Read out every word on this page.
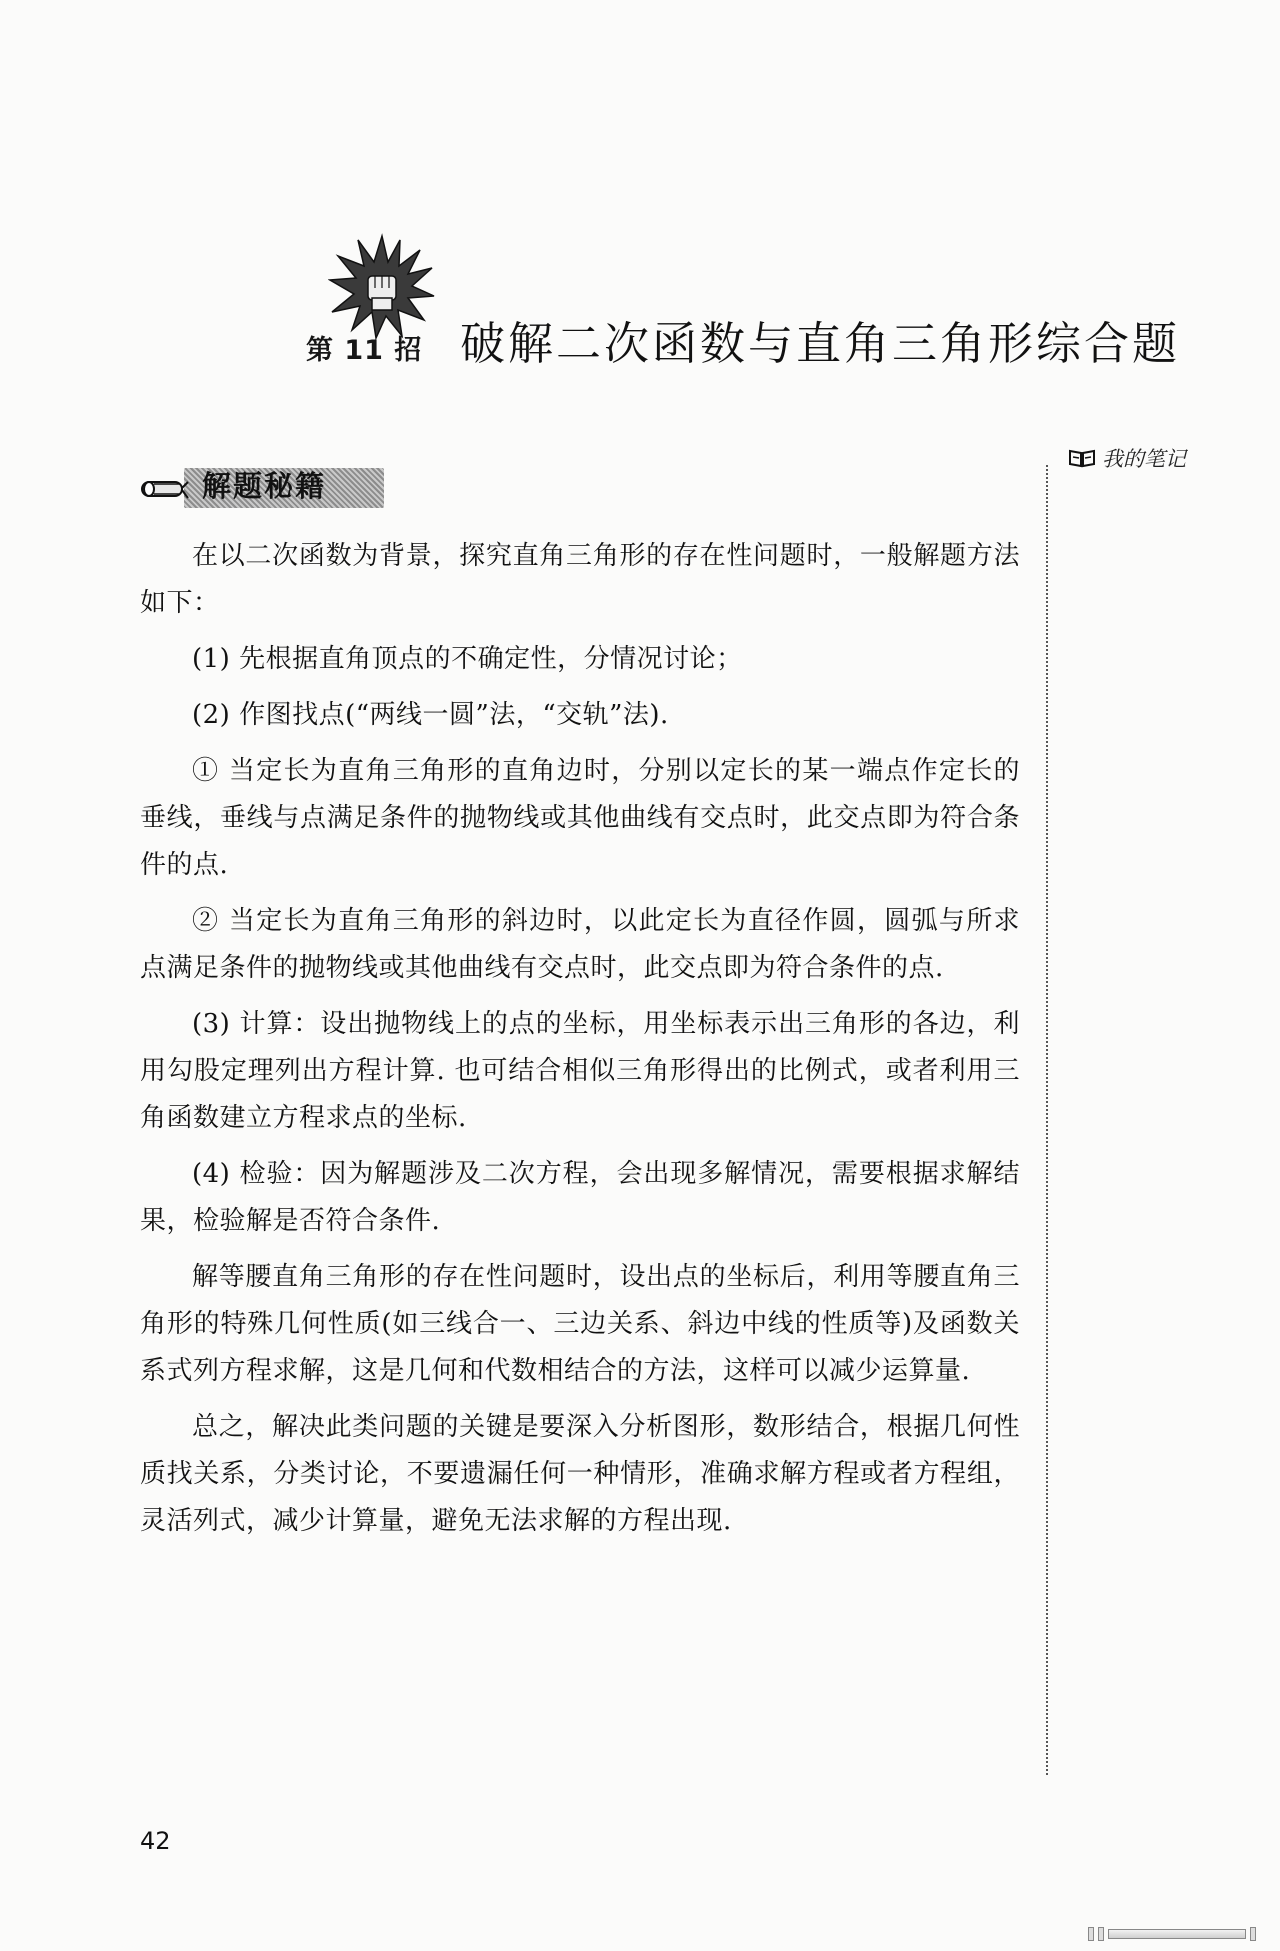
第 11 招 破解二次函数与直角三角形综合题
我的笔记
解题秘籍

在以二次函数为背景，探究直角三角形的存在性问题时，一般解题方法如下：

(1) 先根据直角顶点的不确定性，分情况讨论；

(2) 作图找点(“两线一圆”法，“交轨”法).

① 当定长为直角三角形的直角边时，分别以定长的某一端点作定长的垂线，垂线与点满足条件的抛物线或其他曲线有交点时，此交点即为符合条件的点.

② 当定长为直角三角形的斜边时，以此定长为直径作圆，圆弧与所求点满足条件的抛物线或其他曲线有交点时，此交点即为符合条件的点.

(3) 计算：设出抛物线上的点的坐标，用坐标表示出三角形的各边，利用勾股定理列出方程计算. 也可结合相似三角形得出的比例式，或者利用三角函数建立方程求点的坐标.

(4) 检验：因为解题涉及二次方程，会出现多解情况，需要根据求解结果，检验解是否符合条件.

解等腰直角三角形的存在性问题时，设出点的坐标后，利用等腰直角三角形的特殊几何性质(如三线合一、三边关系、斜边中线的性质等)及函数关系式列方程求解，这是几何和代数相结合的方法，这样可以减少运算量.

总之，解决此类问题的关键是要深入分析图形，数形结合，根据几何性质找关系，分类讨论，不要遗漏任何一种情形，准确求解方程或者方程组，灵活列式，减少计算量，避免无法求解的方程出现.

42
